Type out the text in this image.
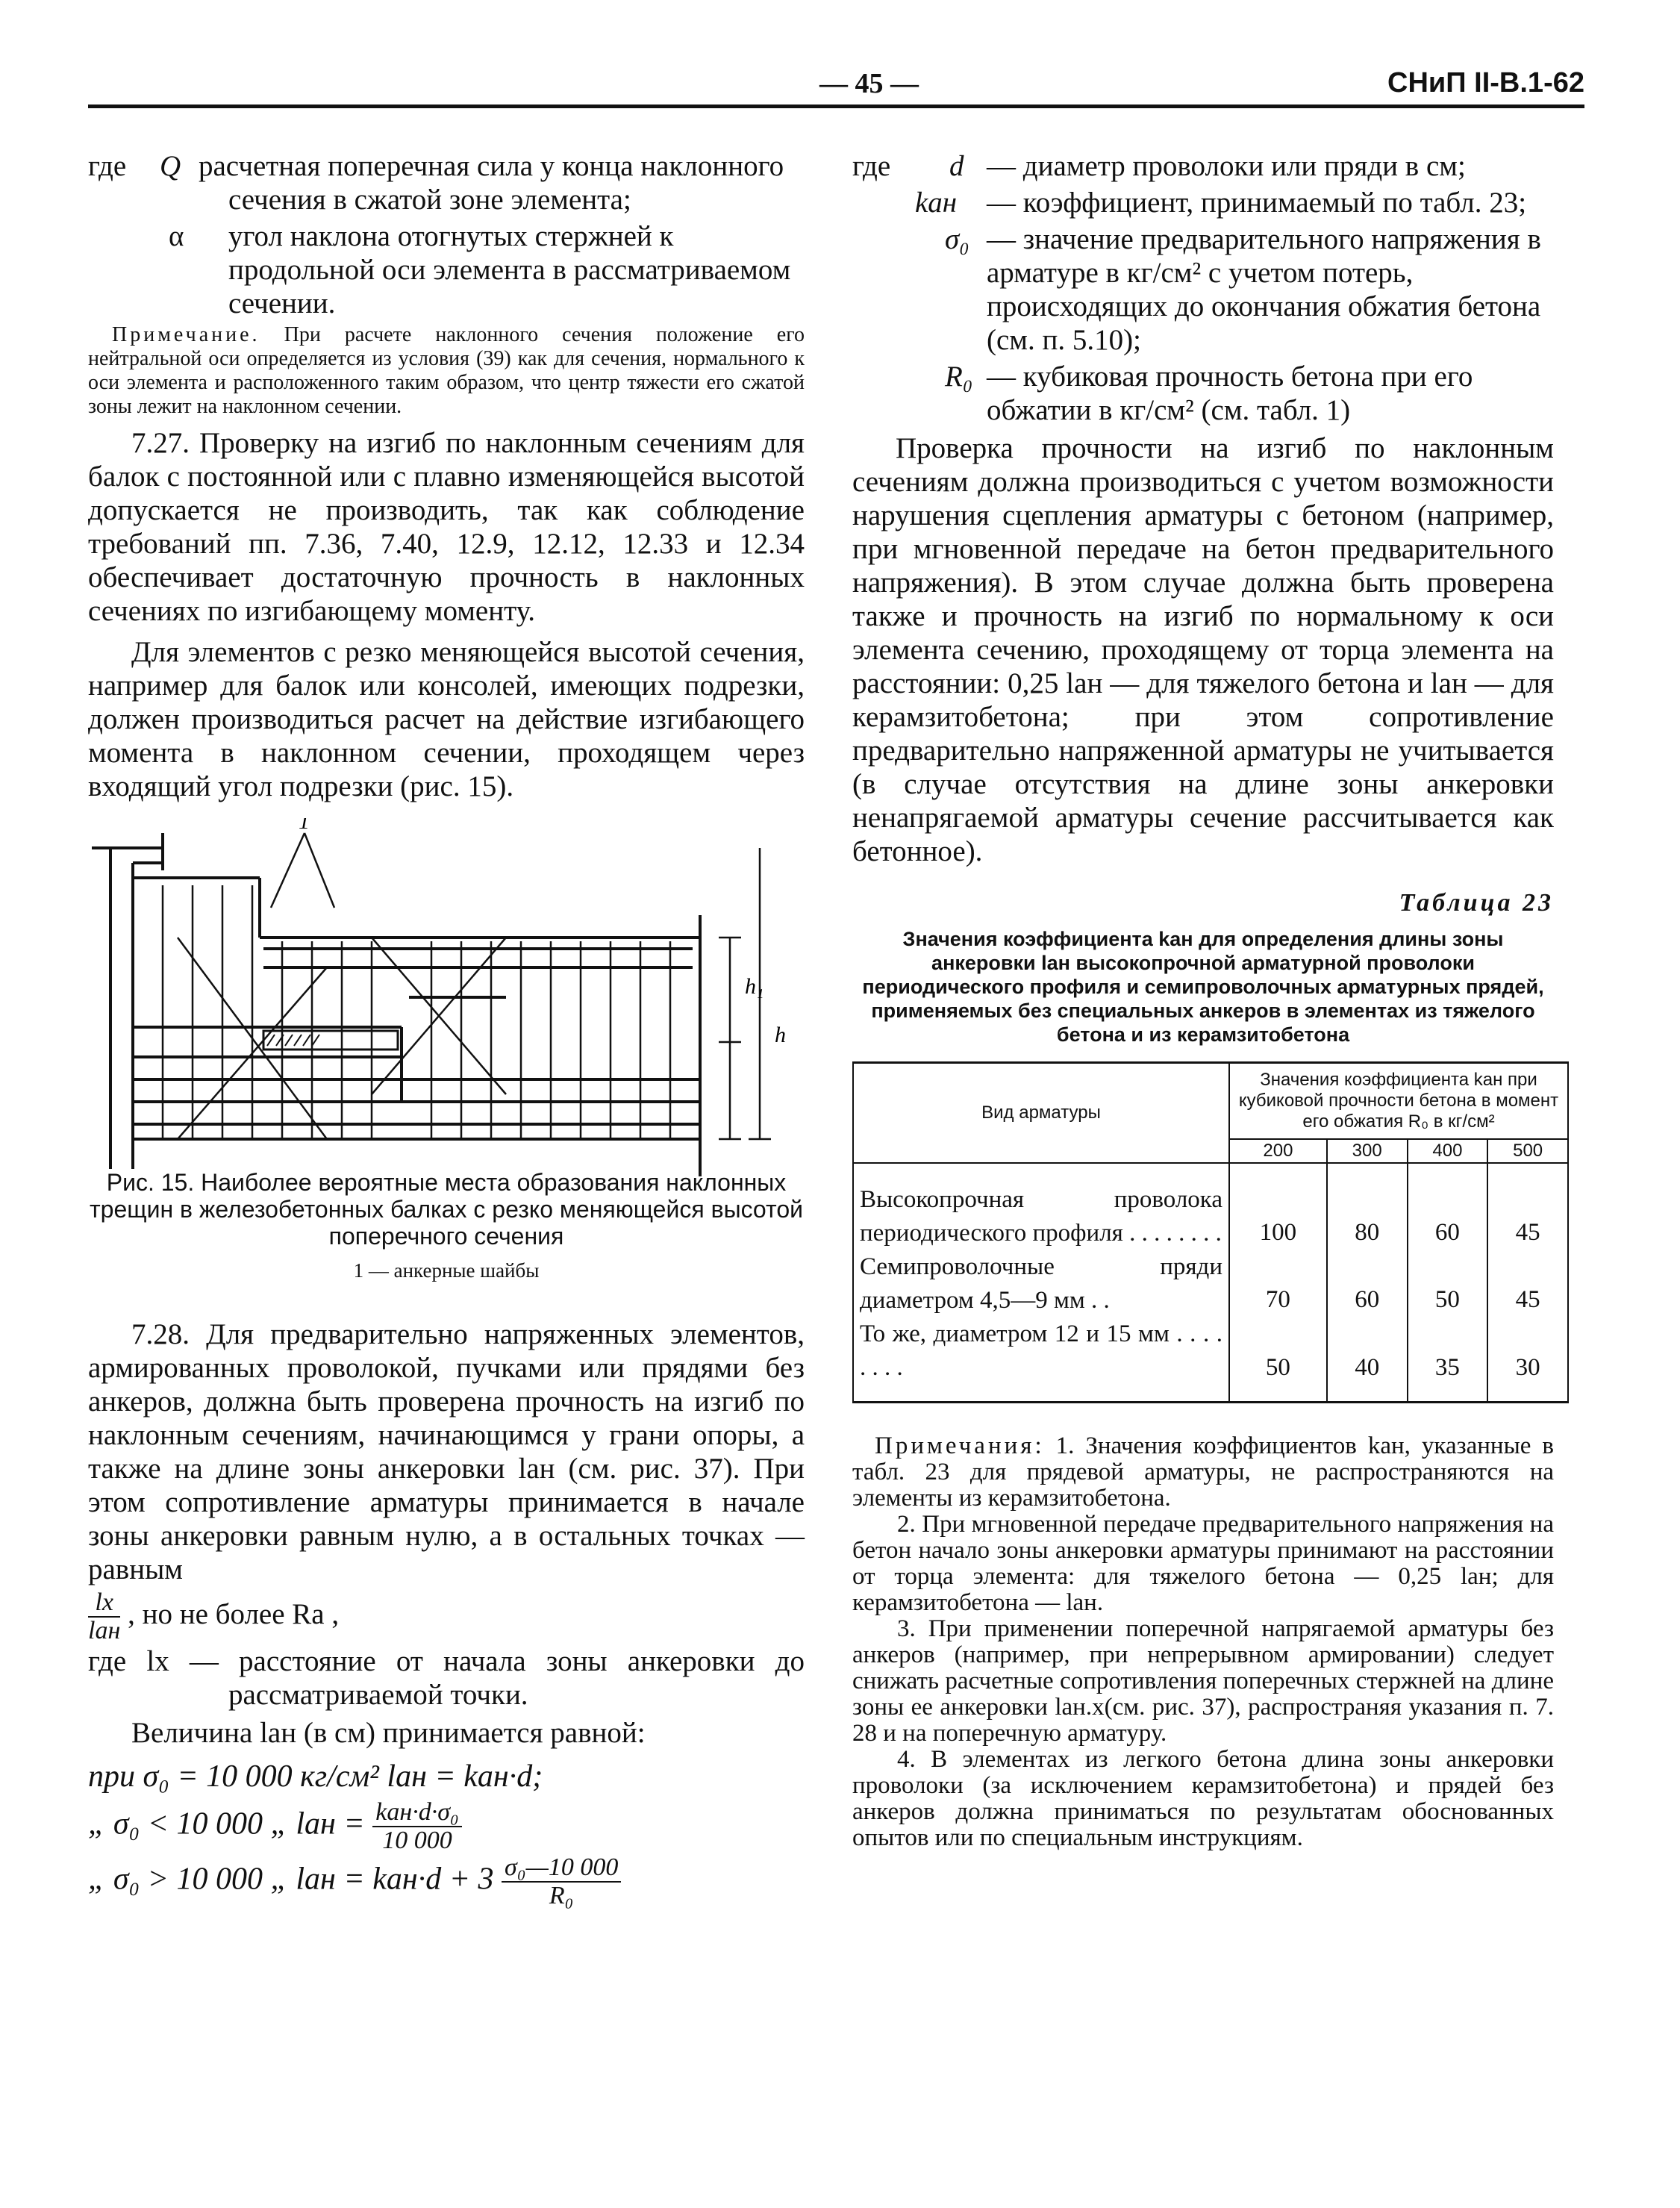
— 45 —	СНиП II-В.1-62
где Q расчетная поперечная сила у конца наклонного сечения в сжатой зоне элемента;
α угол наклона отогнутых стержней к продольной оси элемента в рассматриваемом сечении.

Примечание. При расчете наклонного сечения положение его нейтральной оси определяется из условия (39) как для сечения, нормального к оси элемента и расположенного таким образом, что центр тяжести его сжатой зоны лежит на наклонном сечении.

7.27. Проверку на изгиб по наклонным сечениям для балок с постоянной или с плавно изменяющейся высотой допускается не производить, так как соблюдение требований пп. 7.36, 7.40, 12.9, 12.12, 12.33 и 12.34 обеспечивает достаточную прочность в наклонных сечениях по изгибающему моменту.

Для элементов с резко меняющейся высотой сечения, например для балок или консолей, имеющих подрезки, должен производиться расчет на действие изгибающего момента в наклонном сечении, проходящем через входящий угол подрезки (рис. 15).

1
h₁
h

Рис. 15. Наиболее вероятные места образования наклонных трещин в железобетонных балках с резко меняющейся высотой поперечного сечения

1 — анкерные шайбы

7.28. Для предварительно напряженных элементов, армированных проволокой, пучками или прядями без анкеров, должна быть проверена прочность на изгиб по наклонным сечениям, начинающимся у грани опоры, а также на длине зоны анкеровки lан (см. рис. 37). При этом сопротивление арматуры принимается в начале зоны анкеровки равным нулю, а в остальных точках — равным

$\frac{lx}{\text{lан}}$ , но не более Rа ,

где lx — расстояние от начала зоны анкеровки до рассматриваемой точки.

Величина lан (в см) принимается равной:

при σ₀ = 10 000 кг/см² lан = kан·d;
„ σ₀ < 10 000 „ lан = $\frac{\text{kан·d·σ₀}}{10 000}$
„ σ₀ > 10 000 „ lан = $kан\cdot d + 3 \frac{\text{σ₀—10 000}}{\text{R₀}}$
где d — диаметр проволоки или пряди в см;
kан — коэффициент, принимаемый по табл. 23;
σ₀ — значение предварительного напряжения в арматуре в кг/см² с учетом потерь, происходящих до окончания обжатия бетона (см. п. 5.10);
R₀ — кубиковая прочность бетона при его обжатии в кг/см² (см. табл. 1)

Проверка прочности на изгиб по наклонным сечениям должна производиться с учетом возможности нарушения сцепления арматуры с бетоном (например, при мгновенной передаче на бетон предварительного напряжения). В этом случае должна быть проверена также и прочность на изгиб по нормальному к оси элемента сечению, проходящему от торца элемента на расстоянии: 0,25 lан — для тяжелого бетона и lан — для керамзитобетона; при этом сопротивление предварительно напряженной арматуры не учитывается (в случае отсутствия на длине зоны анкеровки ненапрягаемой арматуры сечение рассчитывается как бетонное).

Таблица 23

Значения коэффициента kан для определения длины зоны анкеровки lан высокопрочной арматурной проволоки периодического профиля и семипроволочных арматурных прядей, применяемых без специальных анкеров в элементах из тяжелого бетона и из керамзитобетона

Вид арматуры	Значения коэффициента kан при кубиковой прочности бетона в момент его обжатия R₀ в кг/см²			
	200	300	400	500
Высокопрочная проволока периодического профиля . . . . . . . .	100	80	60	45
Семипроволочные пряди диаметром 4,5—9 мм . .	70	60	50	45
То же, диаметром 12 и 15 мм . . . . . . . .	50	40	35	30

Примечания: 1. Значения коэффициентов kан, указанные в табл. 23 для прядевой арматуры, не распространяются на элементы из керамзитобетона.

2. При мгновенной передаче предварительного напряжения на бетон начало зоны анкеровки арматуры принимают на расстоянии от торца элемента: для тяжелого бетона — 0,25 lан; для керамзитобетона — lан.

3. При применении поперечной напрягаемой арматуры без анкеров (например, при непрерывном армировании) следует снижать расчетные сопротивления поперечных стержней на длине зоны ее анкеровки lан.x(см. рис. 37), распространяя указания п. 7. 28 и на поперечную арматуру.

4. В элементах из легкого бетона длина зоны анкеровки проволоки (за исключением керамзитобетона) и прядей без анкеров должна приниматься по результатам обоснованных опытов или по специальным инструкциям.
